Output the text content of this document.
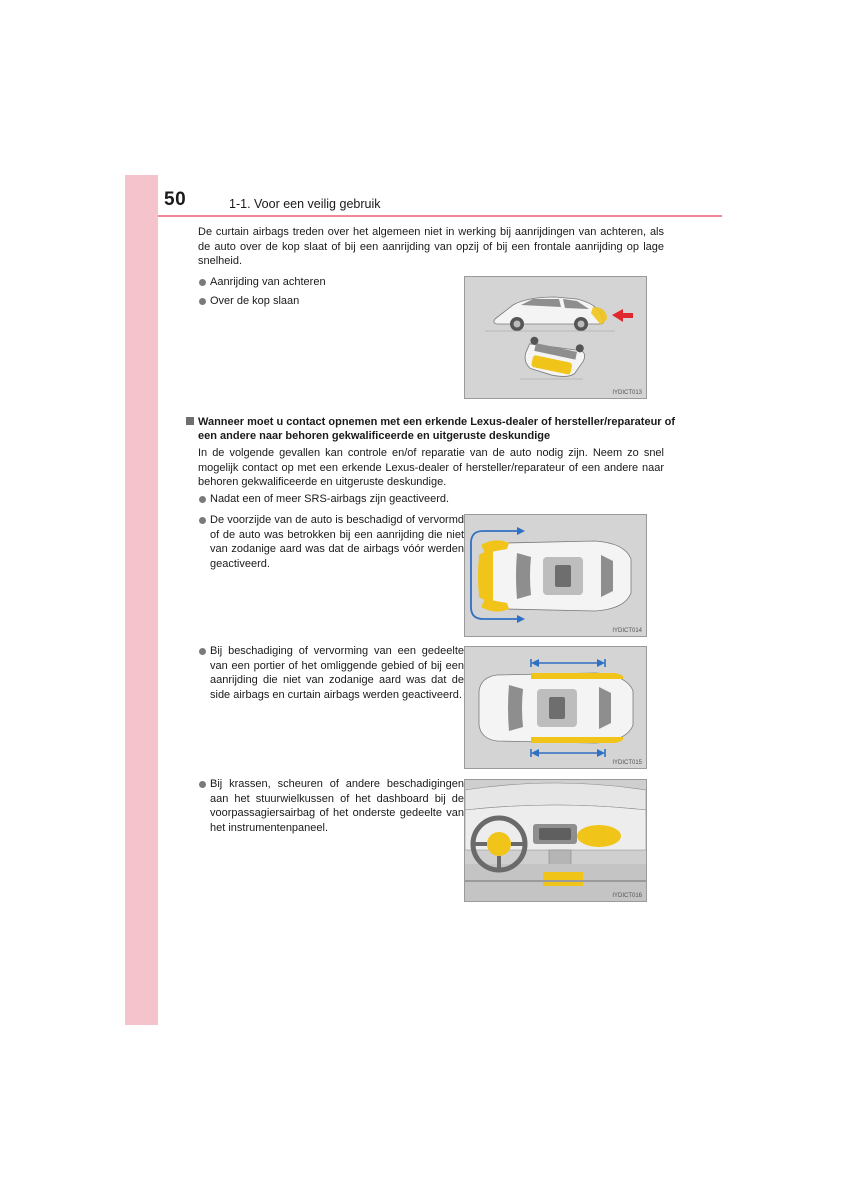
50	1-1. Voor een veilig gebruik

De curtain airbags treden over het algemeen niet in werking bij aanrijdingen van achteren, als de auto over de kop slaat of bij een aanrijding van opzij of bij een frontale aanrijding op lage snelheid.

Aanrijding van achteren

Over de kop slaan

IYDICT013
Wanneer moet u contact opnemen met een erkende Lexus-dealer of hersteller/reparateur of een andere naar behoren gekwalificeerde en uitgeruste deskundige

In de volgende gevallen kan controle en/of reparatie van de auto nodig zijn. Neem zo snel mogelijk contact op met een erkende Lexus-dealer of hersteller/reparateur of een andere naar behoren gekwalificeerde en uitgeruste deskundige.

Nadat een of meer SRS-airbags zijn geactiveerd.

De voorzijde van de auto is beschadigd of vervormd of de auto was betrokken bij een aanrijding die niet van zodanige aard was dat de airbags vóór werden geactiveerd.

Bij beschadiging of vervorming van een gedeelte van een portier of het omliggende gebied of bij een aanrijding die niet van zodanige aard was dat de side airbags en curtain airbags werden geactiveerd.

Bij krassen, scheuren of andere beschadigingen aan het stuurwielkussen of het dashboard bij de voorpassagiersairbag of het onderste gedeelte van het instrumentenpaneel.

IYDICT014
IYDICT015
IYDICT016
